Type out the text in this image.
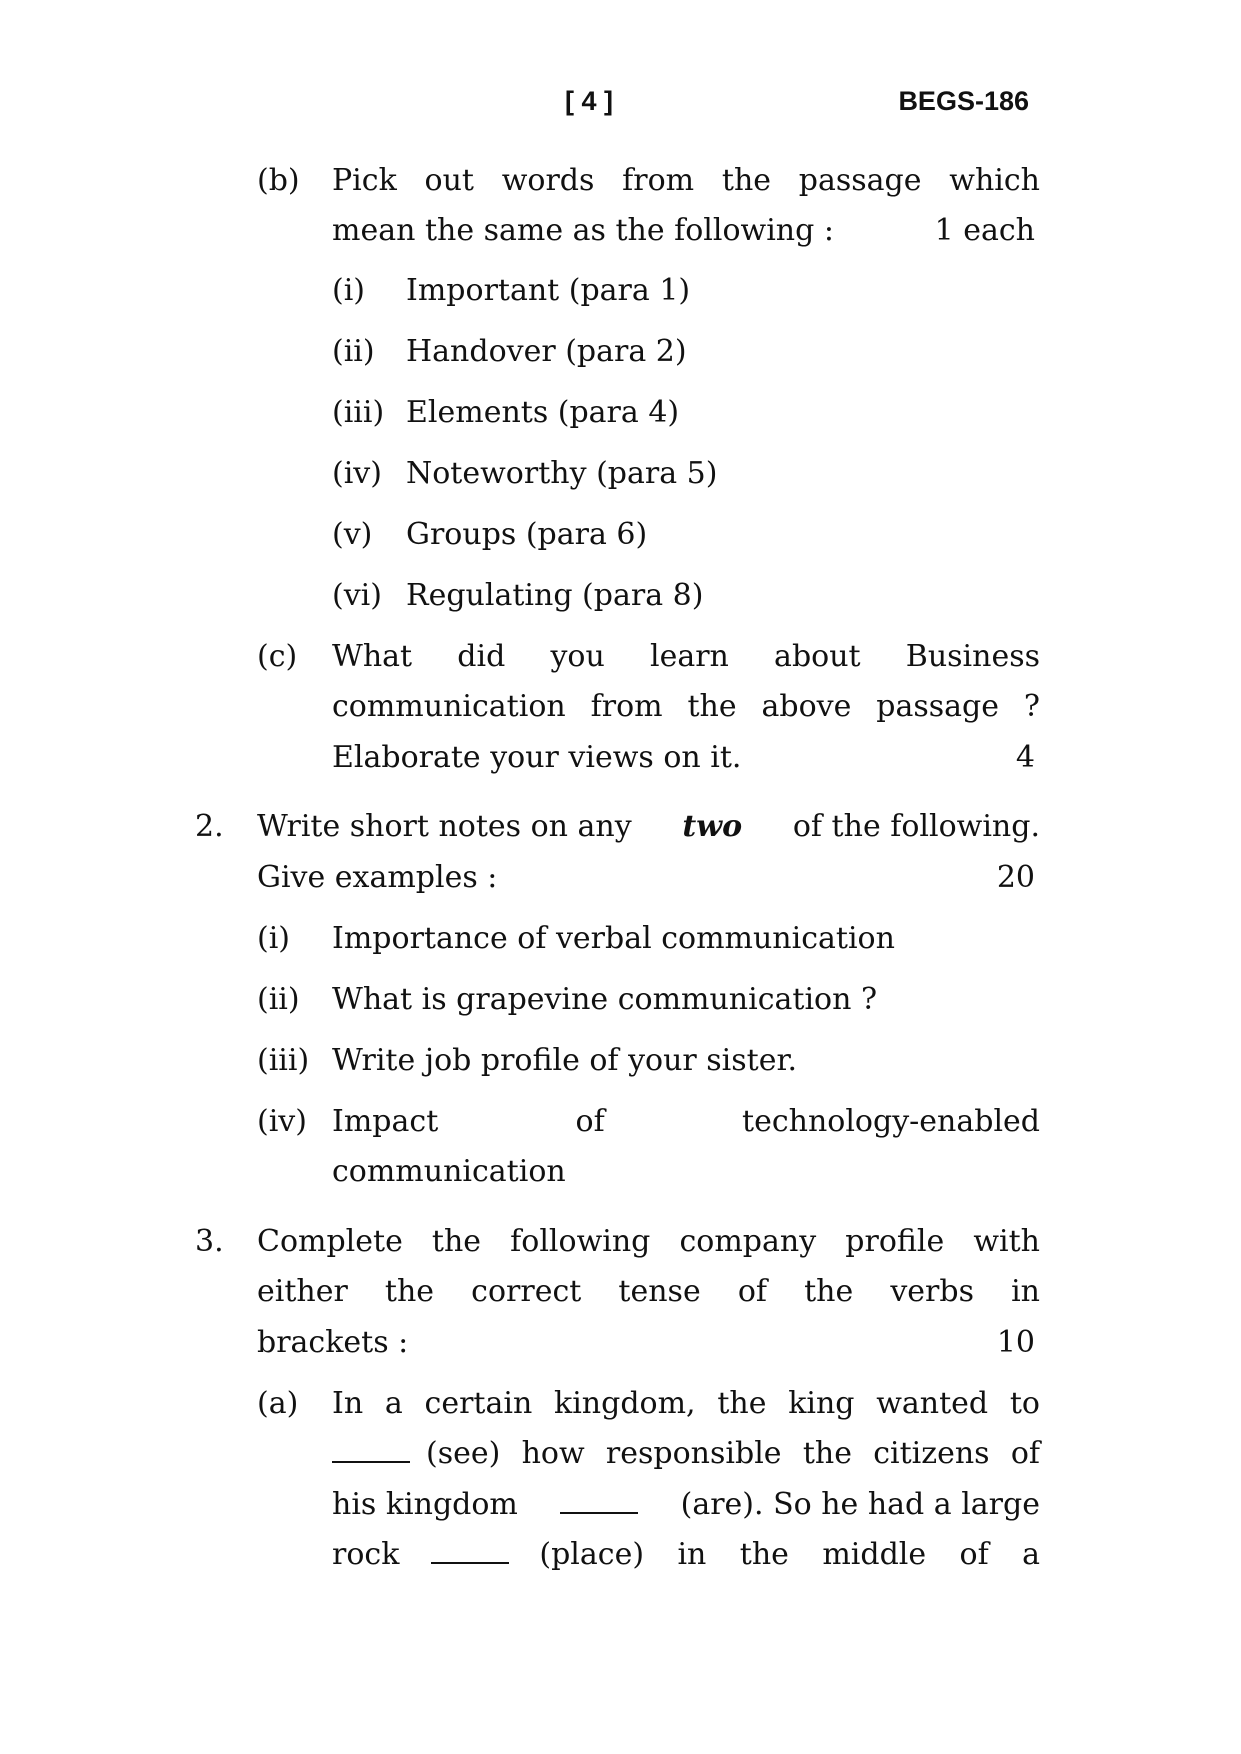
[ 4 ]	BEGS-186
(b) Pick out words from the passage which
mean the same as the following :	1 each
(i) Important (para 1)
(ii) Handover (para 2)
(iii) Elements (para 4)
(iv) Noteworthy (para 5)
(v) Groups (para 6)
(vi) Regulating (para 8)
(c) What did you learn about Business
communication from the above passage ?
Elaborate your views on it.	4
2. Write short notes on any two of the following.
Give examples :	20
(i) Importance of verbal communication
(ii) What is grapevine communication ?
(iii) Write job profile of your sister.
(iv) Impact	of	technology-enabled
communication
3. Complete the following company profile with
either the correct tense of the verbs in
brackets :	10
(a) In a certain kingdom, the king wanted to
(see) how responsible the citizens of
his kingdom	(are). So he had a large
rock	(place) in the middle of a
